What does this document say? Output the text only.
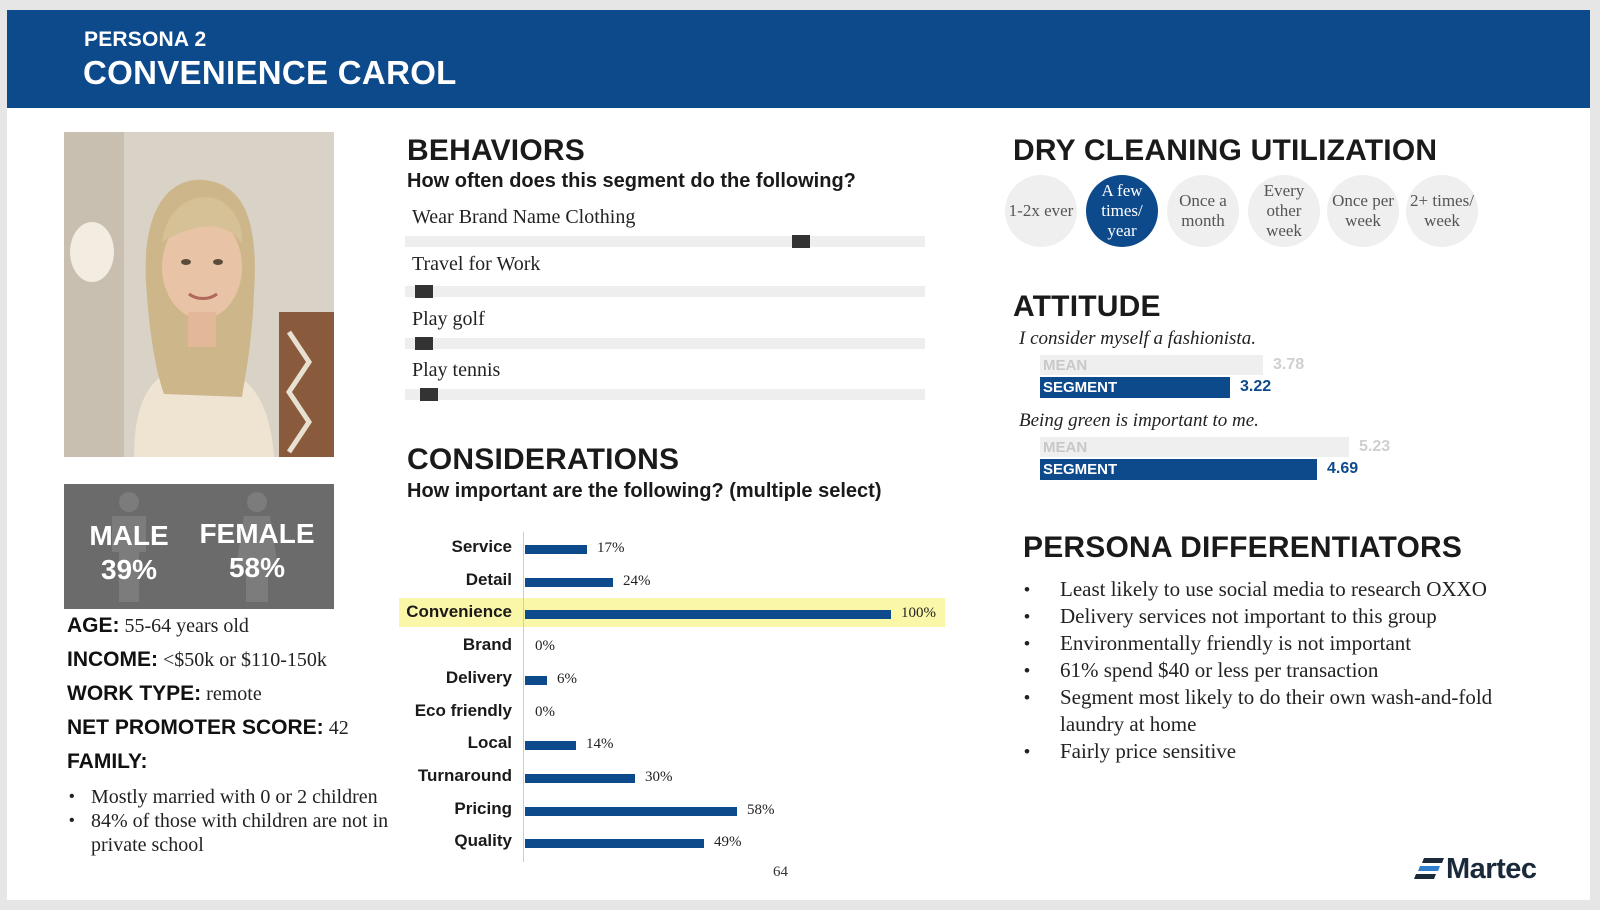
PERSONA 2
CONVENIENCE CAROL
MALE
39%
FEMALE
58%
AGE: 55-64 years old
INCOME: <$50k or $110-150k
WORK TYPE: remote
NET PROMOTER SCORE: 42
FAMILY:
• Mostly married with 0 or 2 children
• 84% of those with children are not in private school
BEHAVIORS
How often does this segment do the following?
Wear Brand Name Clothing
Travel for Work
Play golf
Play tennis
CONSIDERATIONS
How important are the following? (multiple select)
Service	17%
Detail	24%
Convenience	100%
Brand 0%
Delivery	6%
Eco friendly 0%
Local	14%
Turnaround	30%
Pricing	58%
Quality	49%
DRY CLEANING UTILIZATION
1-2x ever
A few times/ year
Once a month
Every other week
Once per week
2+ times/ week
ATTITUDE
I consider myself a fashionista.
MEAN	3.78
SEGMENT	3.22
Being green is important to me.
MEAN	5.23
SEGMENT	4.69
PERSONA DIFFERENTIATORS
• Least likely to use social media to research OXXO
• Delivery services not important to this group
• Environmentally friendly is not important
• 61% spend $40 or less per transaction
• Segment most likely to do their own wash-and-fold laundry at home
• Fairly price sensitive
64	Martec
